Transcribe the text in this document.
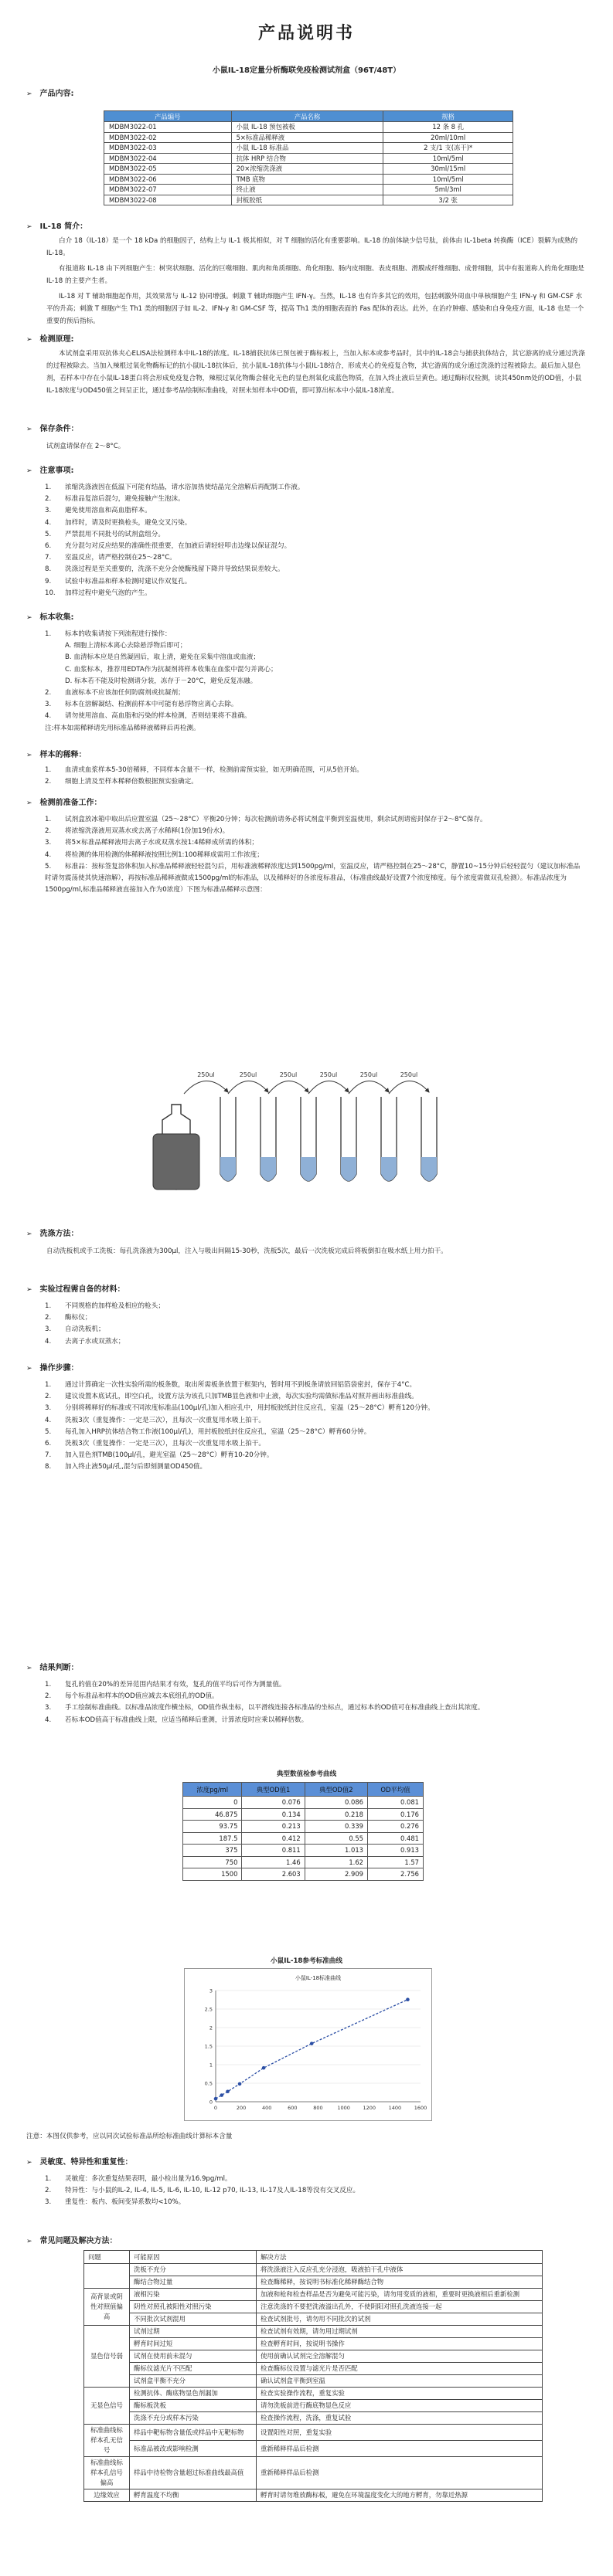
产品说明书
小鼠IL-18定量分析酶联免疫检测试剂盒（96T/48T）
➢ 产品内容:
产品编号	产品名称	规格
MDBM3022-01	小鼠 IL-18 预包被板	12 条 8 孔
MDBM3022-02	5×标准品稀释液	20ml/10ml
MDBM3022-03	小鼠 IL-18 标准品	2 支/1 支(冻干)*
MDBM3022-04	抗体 HRP 结合物	10ml/5ml
MDBM3022-05	20×浓缩洗涤液	30ml/15ml
MDBM3022-06	TMB 底物	10ml/5ml
MDBM3022-07	终止液	5ml/3ml
MDBM3022-08	封板胶纸	3/2 张
➢ IL-18 简介：
白介 18（IL-18）是一个 18 kDa 的细胞因子，结构上与 IL-1 极其相似，对 T 细胞的活化有重要影响。IL-18 的前体缺少信号肽，前体由 IL-1beta 转换酶（ICE）裂解为成熟的 IL-18。
有报道称 IL-18 由下列细胞产生：树突状细胞、活化的巨噬细胞、肌肉和角质细胞、角化细胞、肠内皮细胞、表皮细胞、滑膜成纤维细胞、成骨细胞，其中有报道称人的角化细胞是 IL-18 的主要产生者。
IL-18 对 T 辅助细胞起作用，其效果常与 IL-12 协同增强。刺激 T 辅助细胞产生 IFN-γ。当然，IL-18 也有许多其它的效用，包括刺激外周血中单核细胞产生 IFN-γ 和 GM-CSF 水平的升高；刺激 T 细胞产生 Th1 类的细胞因子如 IL-2、IFN-γ 和 GM-CSF 等，提高 Th1 类的细胞表面的 Fas 配体的表达。此外，在治疗肿瘤、感染和自身免疫方面，IL-18 也是一个重要的预后指标。
➢ 检测原理:
本试剂盒采用双抗体夹心ELISA法检测样本中IL-18的浓度。IL-18捕获抗体已预包被于酶标板上，当加入标本或参考品时，其中的IL-18会与捕获抗体结合，其它游离的成分通过洗涤的过程被除去。当加入辣根过氧化物酶标记的抗小鼠IL-18抗体后，抗小鼠IL-18抗体与小鼠IL-18结合，形成夹心的免疫复合物，其它游离的成分通过洗涤的过程被除去。最后加入显色剂，若样本中存在小鼠IL-18蛋白将会形成免疫复合物，辣根过氧化物酶会催化无色的显色剂氧化成蓝色物质，在加入终止液后呈黄色。通过酶标仪检测，读其450nm处的OD值，小鼠IL-18浓度与OD450值之间呈正比，通过参考品绘制标准曲线，对照未知样本中OD值，即可算出标本中小鼠IL-18浓度。
➢ 保存条件：
试剂盒请保存在 2～8°C。
➢ 注意事项:
1. 浓缩洗涤液因在低温下可能有结晶，请水浴加热使结晶完全溶解后再配制工作液。
2. 标准品复溶后混匀，避免接触产生泡沫。
3. 避免使用溶血和高血脂样本。
4. 加样时，请及时更换枪头，避免交叉污染。
5. 严禁混用不同批号的试剂盒组分。
6. 充分混匀对反应结果的准确性很重要，在加液后请轻轻叩击边缘以保证混匀。
7. 室温反应，请严格控制在25～28°C。
8. 洗涤过程是至关重要的，洗涤不充分会使酶残留下降并导致结果误差较大。
9. 试验中标准品和样本检测时建议作双复孔。
10. 加样过程中避免气泡的产生。
➢ 标本收集:
1. 标本的收集请按下列流程进行操作：
A. 细胞上清标本离心去除悬浮物后即可；
B. 血清标本应是自然凝固后，取上清，避免在采集中溶血或血液；
C. 血浆标本，推荐用EDTA作为抗凝剂将样本收集在血浆中混匀并离心；
D. 标本若不能及时检测请分装，冻存于－20°C，避免反复冻融。
2. 血液标本不应该加任何防腐剂或抗凝剂；
3. 标本在溶解凝结、检测前样本中可能有悬浮物应离心去除。
4. 请勿使用溶血、高血脂和污染的样本检测，否则结果将不准确。
注:样本如需稀释请先用标准品稀释液稀释后再检测。
➢ 样本的稀释：
1. 血清或血浆样本5-30倍稀释，不同样本含量不一样，检测前需预实验，如无明确范围，可从5倍开始。
2. 细胞上清及至样本稀释倍数根据预实验确定。
➢ 检测前准备工作：
1. 试剂盒放冰箱中取出后应置室温（25～28°C）平衡20分钟；每次检测前请务必将试剂盒平衡到室温使用，剩余试剂请密封保存于2～8°C保存。
2. 将浓缩洗涤液用双蒸水或去离子水稀释(1份加19份水)。
3. 将5×标准品稀释液用去离子水或双蒸水按1:4稀释成所需的体积；
4. 将检测的体用检测的体稀释液按照比例1:100稀释成需用工作浓度；
5. 标准品：按标签复溶体积加入标准品稀释液轻轻混匀后，用标准液稀释浓度达到1500pg/ml，室温反应，请严格控制在25～28°C，静置10~15分钟后轻轻混匀（建议加标准品时请勿震荡使其快速溶解），再按标准品稀释液做成1500pg/ml的标准品，以及稀释好的各浓度标准品，（标准曲线最好设置7个浓度梯度。每个浓度需做双孔检测）。标准品浓度为1500pg/ml,标准品稀释液直接加入作为0浓度）下图为标准品稀释示意图：
250ul	250ul	250ul	250ul	250ul	250ul
➢ 洗涤方法：
自动洗板机或手工洗板：每孔洗涤液为300μl，注入与吸出间隔15-30秒，洗板5次，最后一次洗板完成后将板倒扣在吸水纸上用力拍干。
➢ 实验过程需自备的材料：
1. 不同规格的加样枪及相应的枪头；
2. 酶标仪；
3. 自动洗板机；
4. 去离子水或双蒸水；
➢ 操作步骤：
1. 通过计算确定一次性实验所需的板条数，取出所需板条放置于框架内，暂时用不到板条请放回铝箔袋密封，保存于4°C。
2. 建议设置本底试孔，即空白孔，设置方法为该孔只加TMB显色液和中止液，每次实验均需做标准品对照并画出标准曲线。
3. 分别将稀释好的标准或不同浓度标准品(100μl/孔)加入相应孔中，用封板胶纸封住反应孔，室温（25～28°C）孵育120分钟。
4. 洗板3次（重复操作：一定是三次），且每次一次重复用水吸上拍干。
5. 每孔加入HRP抗体结合物工作液(100μl/孔)，用封板胶纸封住反应孔，室温（25～28°C）孵育60分钟。
6. 洗板3次（重复操作：一定是三次），且每次一次重复用水吸上拍干。
7. 加入显色剂TMB(100μl/孔，避光室温（25～28°C）孵育10-20分钟。
8. 加入终止液50μl/孔,混匀后即刻测量OD450值。
➢ 结果判断：
1. 复孔的值在20%的差异范围内结果才有效，复孔的值平均后可作为测量值。
2. 每个标准品和样本的OD值应减去本底组孔的OD值。
3. 手工绘制标准曲线。以标准品浓度作横坐标，OD值作纵坐标，以平滑线连接各标准品的坐标点，通过标本的OD值可在标准曲线上查出其浓度。
4. 若标本OD值高于标准曲线上限，应适当稀释后重测，计算浓度时应乘以稀释倍数。
典型数值检参考曲线
浓度pg/ml	典型OD值1	典型OD值2	OD平均值
0	0.076	0.086	0.081
46.875	0.134	0.218	0.176
93.75	0.213	0.339	0.276
187.5	0.412	0.55	0.481
375	0.811	1.013	0.913
750	1.46	1.62	1.57
1500	2.603	2.909	2.756
小鼠IL-18参考标准曲线
小鼠IL-18标准曲线
0
0.5
1
1.5
2
2.5
3
0	200	400	600	800	1000	1200	1400	1600
注意：本图仅供参考，应以同次试验标准品所绘标准曲线计算标本含量
➢ 灵敏度、特异性和重复性：
1. 灵敏度：多次重复结果表明，最小检出量为16.9pg/ml。
2. 特异性：与小鼠的IL-2, IL-4, IL-5, IL-6, IL-10, IL-12 p70, IL-13, IL-17及人IL-18等没有交叉反应。
3. 重复性：板内、板间变异系数均<10%。
➢ 常见问题及解决方法：
问题	可能原因	解决方法
	洗板不充分	将洗涤液注入反应孔充分浸泡，吸液拍干孔中液体
	酶结合物过量	检查酶稀释，按说明书标准化稀释酶结合物
高背景或阴性对照值偏高	液相污染	加液和枪和检查样品是否为避免可能污染，请勿用变质的液相，重要时更换液相后重新检测
	阴性对照孔被阳性对照污染	注意洗涤的不要把洗液溢出孔外，不使阴阳对照孔洗液连接一起
	不同批次试剂混用	检查试剂批号，请勿用不同批次的试剂
显色信号弱	试剂过期	检查试剂有效期，请勿用过期试剂
	孵育时间过短	检查孵育时间，按说明书操作
	试剂在使用前未混匀	使用前确认试剂完全溶解混匀
	酶标仪滤光片不匹配	检查酶标仪设置与滤光片是否匹配
	试剂盒平衡不充分	确认试剂盒平衡到室温
无显色信号	检测抗体、酶底物显色剂漏加	检查实验操作流程，重复实验
	酶标板洗板	请勿洗板前进行酶底物显色反应
	洗涤不充分或样本污染	检查操作流程，洗涤，重复试验
标准曲线标样本孔无信号	样品中靶标物含量低或样品中无靶标物	设置阳性对照，重复实验
	标准品被改或影响检测	重新稀释样品后检测
标准曲线标样本孔信号偏高	样品中待检物含量超过标准曲线最高值	重新稀释样品后检测
边缘效应	孵育温度不均衡	孵育时请勿堆放酶标板，避免在环境温度变化大的地方孵育，勿靠近热源
